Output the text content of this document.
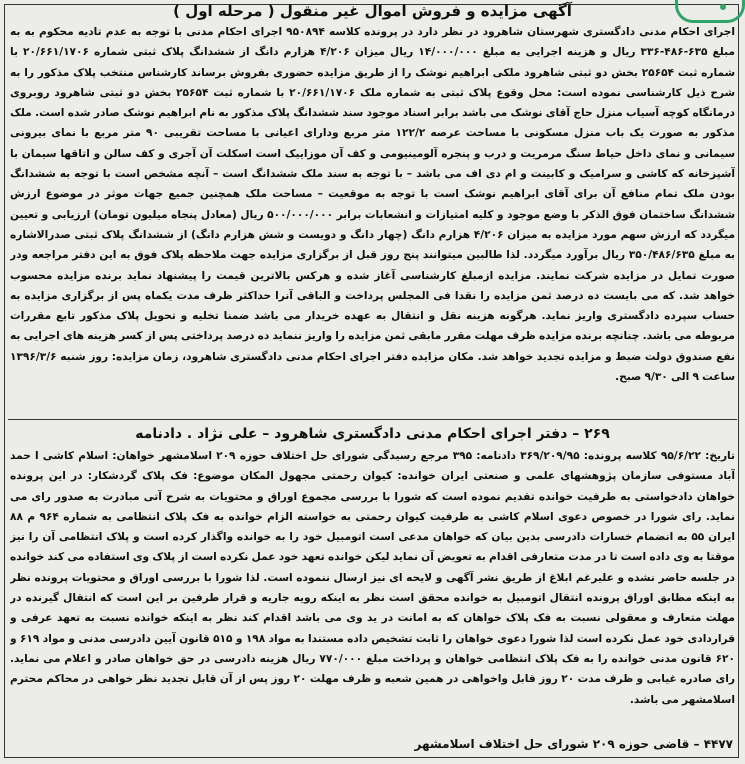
آگهی مزایده و فروش اموال غیر منقول ( مرحله اول )
اجرای احکام مدنی دادگستری شهرستان شاهرود در نظر دارد در پرونده کلاسه ۹۵۰۸۹۴ اجرای احکام مدنی با توجه به عدم تادیه محکوم به به مبلغ ۶۳۵-۴۸۶-۳۳۶ ریال و هزینه اجرایی به مبلغ ۱۴/۰۰۰/۰۰۰ ریال میزان ۴/۲۰۶ هزارم دانگ از ششدانگ پلاک ثبتی شماره ۲۰/۶۶۱/۱۷۰۶ با شماره ثبت ۲۵۶۵۴ بخش دو ثبتی شاهرود ملکی ابراهیم نوشک را از طریق مزایده حضوری بفروش برساند کارشناس منتخب پلاک مذکور را به شرح ذیل کارشناسی نموده است: محل وقوع پلاک ثبتی به شماره ملک ۲۰/۶۶۱/۱۷۰۶ با شماره ثبت ۲۵۶۵۴ بخش دو ثبتی شاهرود روبروی درمانگاه کوچه آسیاب منزل حاج آقای نوشک می باشد برابر اسناد موجود سند ششدانگ پلاک مذکور به نام ابراهیم نوشک صادر شده است. ملک مذکور به صورت یک باب منزل مسکونی با مساحت عرصه ۱۲۲/۲ متر مربع ودارای اعیانی با مساحت تقریبی ۹۰ متر مربع با نمای بیرونی سیمانی و نمای داخل حیاط سنگ مرمریت و درب و پنجره آلومینیومی و کف آن موزاییک است اسکلت آن آجری و کف سالن و اتاقها سیمان با آشپزخانه که کاشی و سرامیک و کابینت و ام دی اف می باشد – با توجه به سند ملک ششدانگ است – آنچه مشخص است با توجه به ششدانگ بودن ملک تمام منافع آن برای آقای ابراهیم نوشک است با توجه به موقعیت – مساحت ملک همچنین جمیع جهات موثر در موضوع ارزش ششدانگ ساختمان فوق الذکر با وضع موجود و کلیه امتیازات و انشعابات برابر ۵۰۰/۰۰۰/۰۰۰ ریال (معادل پنجاه میلیون تومان) ارزیابی و تعیین میگردد که ارزش سهم مورد مزایده به میزان ۴/۲۰۶ هزارم دانگ (چهار دانگ و دویست و شش هزارم دانگ) از ششدانگ پلاک ثبتی صدرالاشاره به مبلغ ۳۵۰/۴۸۶/۶۳۵ ریال برآورد میگردد. لذا طالبین میتوانند پنج روز قبل از برگزاری مزایده جهت ملاحظه پلاک فوق به این دفتر مراجعه ودر صورت تمایل در مزایده شرکت نمایند. مزایده ازمبلغ کارشناسی آغاز شده و هرکس بالاترین قیمت را پیشنهاد نماید برنده مزایده محسوب خواهد شد. که می بایست ده درصد ثمن مزایده را نقدا فی المجلس پرداخت و الباقی آنرا حداکثر ظرف مدت یکماه پس از برگزاری مزایده به حساب سپرده دادگستری واریز نماید. هرگونه هزینه نقل و انتقال به عهده خریدار می باشد ضمنا تخلیه و تحویل پلاک مذکور تابع مقررات مربوطه می باشد. چنانچه برنده مزایده ظرف مهلت مقرر مابقی ثمن مزایده را واریز ننماید ده درصد پرداختی پس از کسر هزینه های اجرایی به نفع صندوق دولت ضبط و مزایده تجدید خواهد شد. مکان مزایده دفتر اجرای احکام مدنی دادگستری شاهرود، زمان مزایده: روز شنبه ۱۳۹۶/۳/۶ ساعت ۹ الی ۹/۳۰ صبح.
۲۶۹ – دفتر اجرای احکام مدنی دادگستری شاهرود – علی نژاد . دادنامه
تاریخ: ۹۵/۶/۲۲ کلاسه پرونده: ۳۶۹/۲۰۹/۹۵ دادنامه: ۳۹۵ مرجع رسیدگی شورای حل اختلاف حوزه ۲۰۹ اسلامشهر خواهان: اسلام کاشی ا حمد آباد مستوفی سازمان پژوهشهای علمی و صنعتی ایران خوانده: کیوان رحمتی مجهول المکان موضوع: فک پلاک گردشکار: در این پرونده خواهان دادخواستی به طرفیت خوانده تقدیم نموده است که شورا با بررسی مجموع اوراق و محتویات به شرح آتی مبادرت به صدور رای می نماید. رای شورا در خصوص دعوی اسلام کاشی به طرفیت کیوان رحمتی به خواسته الزام خوانده به فک پلاک انتظامی به شماره ۹۶۴ م ۸۸ ایران ۵۵ به انضمام خسارات دادرسی بدین بیان که خواهان مدعی است اتومبیل خود را به خوانده واگذار کرده است و پلاک انتظامی آن را نیز موقتا به وی داده است تا در مدت متعارفی اقدام به تعویض آن نماید لیکن خوانده تعهد خود عمل نکرده است از پلاک وی استفاده می کند خوانده در جلسه حاضر نشده و علیرغم ابلاغ از طریق نشر آگهی و لایحه ای نیز ارسال ننموده است. لذا شورا با بررسی اوراق و محتویات پرونده نظر به اینکه مطابق اوراق پرونده انتقال اتومبیل به خوانده محقق است نظر به اینکه رویه جاریه و قرار طرفین بر این است که انتقال گیرنده در مهلت متعارف و معقولی نسبت به فک پلاک خواهان که به امانت در ید وی می باشد اقدام کند نظر به اینکه خوانده نسبت به تعهد عرفی و قراردادی خود عمل نکرده است لذا شورا دعوی خواهان را ثابت تشخیص داده مستندا به مواد ۱۹۸ و ۵۱۵ قانون آیین دادرسی مدنی و مواد ۶۱۹ و ۶۲۰ قانون مدنی خوانده را به فک پلاک انتظامی خواهان و پرداخت مبلغ ۷۷۰/۰۰۰ ریال هزینه دادرسی در حق خواهان صادر و اعلام می نماید. رای صادره غیابی و ظرف مدت ۲۰ روز قابل واخواهی در همین شعبه و ظرف مهلت ۲۰ روز پس از آن قابل تجدید نظر خواهی در محاکم محترم اسلامشهر می باشد.
۴۴۷۷ – قاضی حوزه ۲۰۹ شورای حل اختلاف اسلامشهر
